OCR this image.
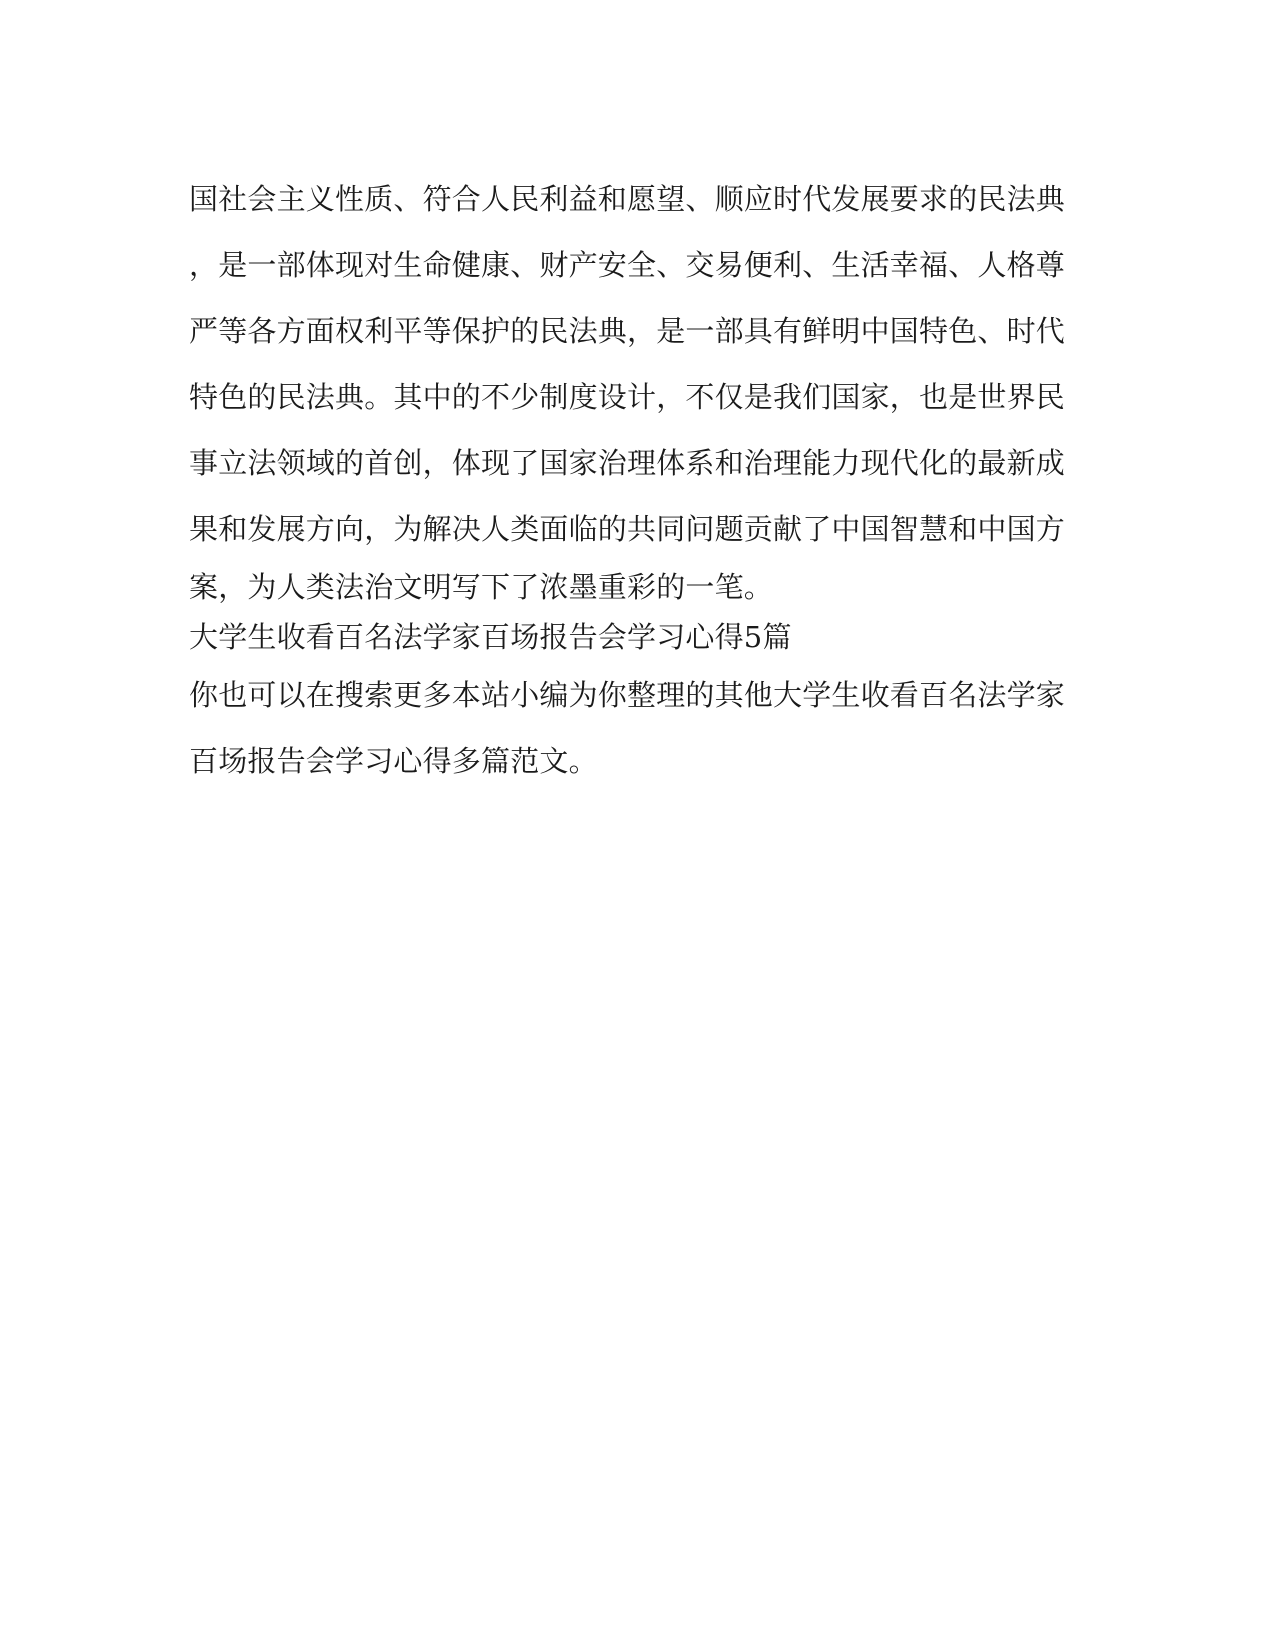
国社会主义性质、符合人民利益和愿望、顺应时代发展要求的民法典
，是一部体现对生命健康、财产安全、交易便利、生活幸福、人格尊
严等各方面权利平等保护的民法典，是一部具有鲜明中国特色、时代
特色的民法典。其中的不少制度设计，不仅是我们国家，也是世界民
事立法领域的首创，体现了国家治理体系和治理能力现代化的最新成
果和发展方向，为解决人类面临的共同问题贡献了中国智慧和中国方
案，为人类法治文明写下了浓墨重彩的一笔。
大学生收看百名法学家百场报告会学习心得5篇
你也可以在搜索更多本站小编为你整理的其他大学生收看百名法学家
百场报告会学习心得多篇范文。
